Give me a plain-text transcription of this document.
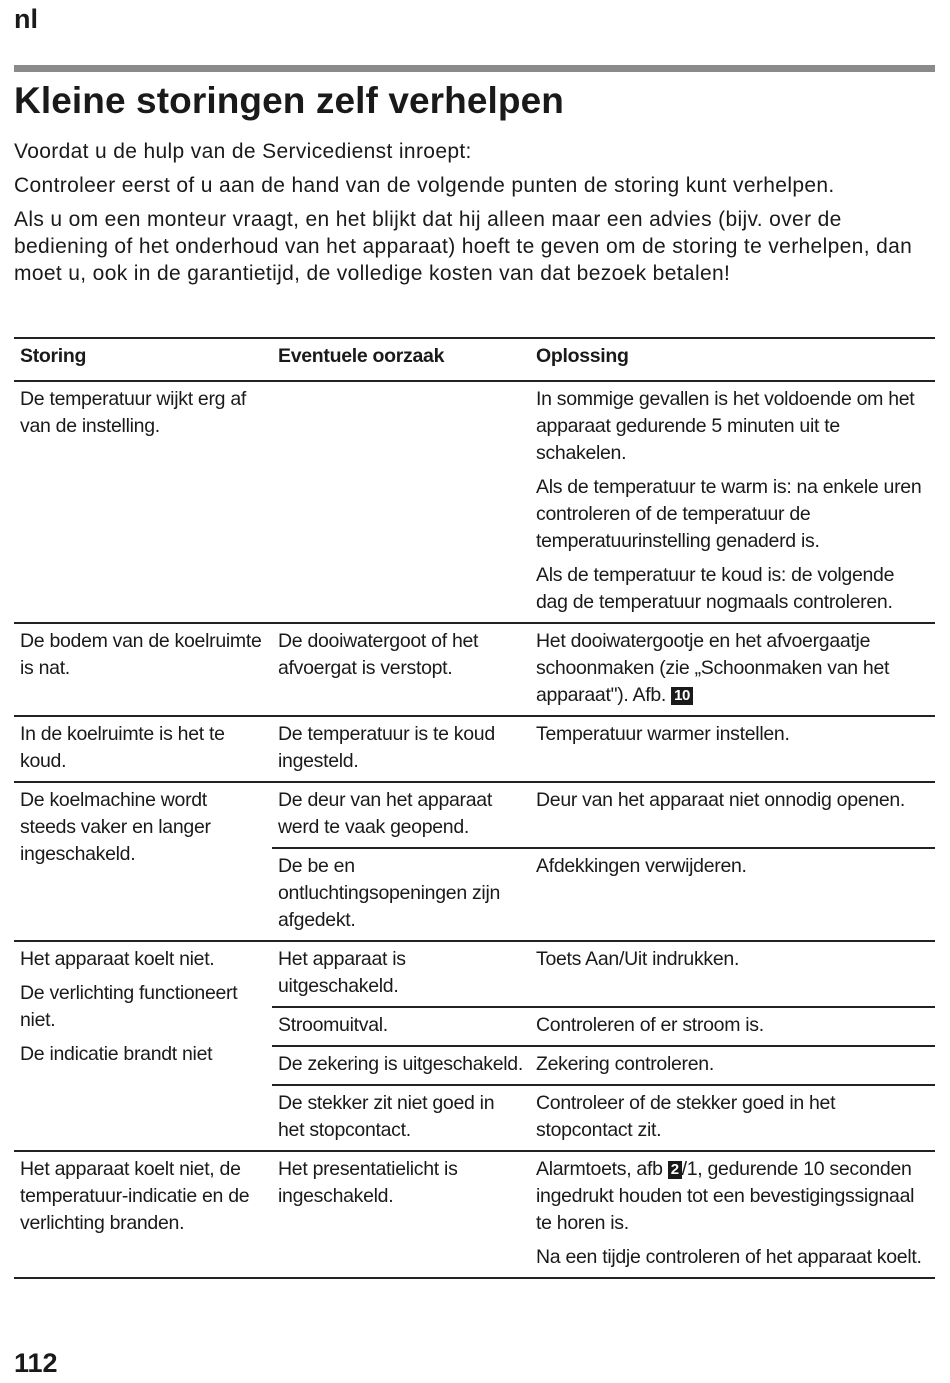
nl
Kleine storingen zelf verhelpen

Voordat u de hulp van de Servicedienst inroept:

Controleer eerst of u aan de hand van de volgende punten de storing kunt verhelpen.

Als u om een monteur vraagt, en het blijkt dat hij alleen maar een advies (bijv. over de bediening of het onderhoud van het apparaat) hoeft te geven om de storing te verhelpen, dan moet u, ook in de garantietijd, de volledige kosten van dat bezoek betalen!

Storing	Eventuele oorzaak	Oplossing
De temperatuur wijkt erg af van de instelling.		In sommige gevallen is het voldoende om het apparaat gedurende 5 minuten uit te schakelen.

Als de temperatuur te warm is: na enkele uren controleren of de temperatuur de temperatuurinstelling genaderd is.

Als de temperatuur te koud is: de volgende dag de temperatuur nogmaals controleren.

De bodem van de koelruimte is nat.	De dooiwatergoot of het afvoergat is verstopt.	Het dooiwatergootje en het afvoergaatje schoonmaken (zie „Schoonmaken van het apparaat"). Afb. 10
In de koelruimte is het te koud.	De temperatuur is te koud ingesteld.	Temperatuur warmer instellen.
De koelmachine wordt steeds vaker en langer ingeschakeld.	De deur van het apparaat werd te vaak geopend.	Deur van het apparaat niet onnodig openen.
	De be en ontluchtingsopeningen zijn afgedekt.	Afdekkingen verwijderen.

Het apparaat koelt niet.

De verlichting functioneert niet.

De indicatie brandt niet	Het apparaat is uitgeschakeld.	Toets Aan/Uit indrukken.
	Stroomuitval.	Controleren of er stroom is.
	De zekering is uitgeschakeld.	Zekering controleren.
	De stekker zit niet goed in het stopcontact.	Controleer of de stekker goed in het stopcontact zit.
Het apparaat koelt niet, de temperatuur-indicatie en de verlichting branden.	Het presentatielicht is ingeschakeld.	Alarmtoets, afb 2 /1, gedurende 10 seconden ingedrukt houden tot een bevestigingssignaal te horen is.

Na een tijdje controleren of het apparaat koelt.

112
